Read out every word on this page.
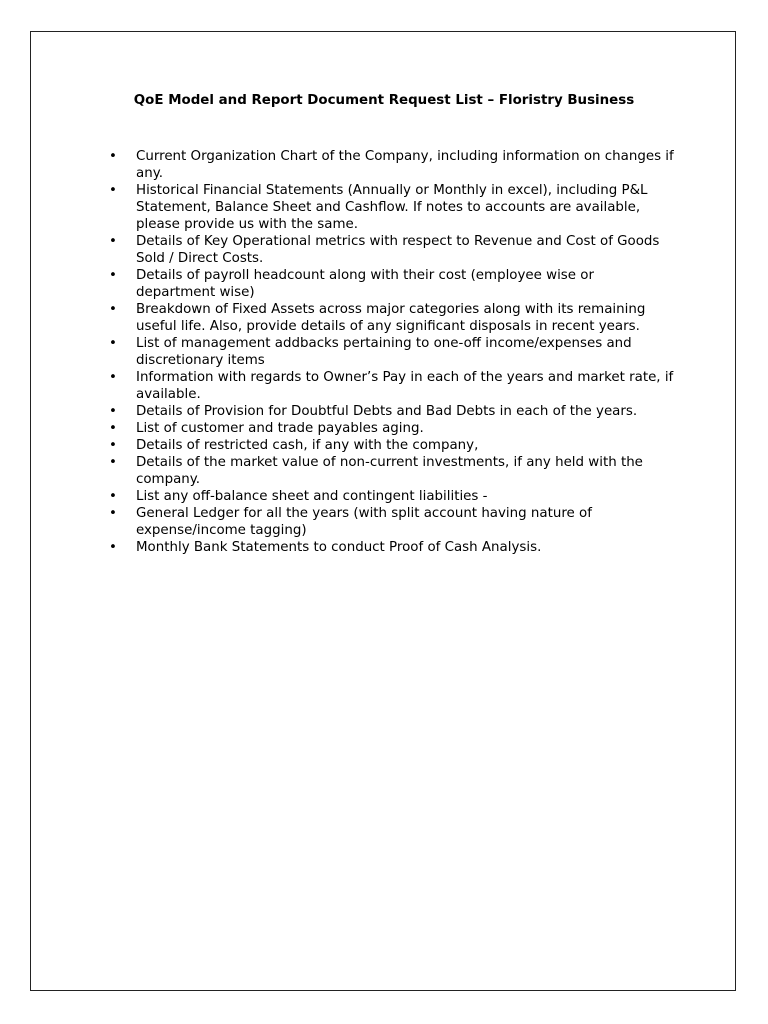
QoE Model and Report Document Request List – Floristry Business
• Current Organization Chart of the Company, including information on changes if any.
• Historical Financial Statements (Annually or Monthly in excel), including P&L Statement, Balance Sheet and Cashflow. If notes to accounts are available, please provide us with the same.
• Details of Key Operational metrics with respect to Revenue and Cost of Goods Sold / Direct Costs.
• Details of payroll headcount along with their cost (employee wise or department wise)
• Breakdown of Fixed Assets across major categories along with its remaining useful life. Also, provide details of any significant disposals in recent years.
• List of management addbacks pertaining to one-off income/expenses and discretionary items
• Information with regards to Owner’s Pay in each of the years and market rate, if available.
• Details of Provision for Doubtful Debts and Bad Debts in each of the years.
• List of customer and trade payables aging.
• Details of restricted cash, if any with the company,
• Details of the market value of non-current investments, if any held with the company.
• List any off-balance sheet and contingent liabilities -
• General Ledger for all the years (with split account having nature of expense/income tagging)
• Monthly Bank Statements to conduct Proof of Cash Analysis.
